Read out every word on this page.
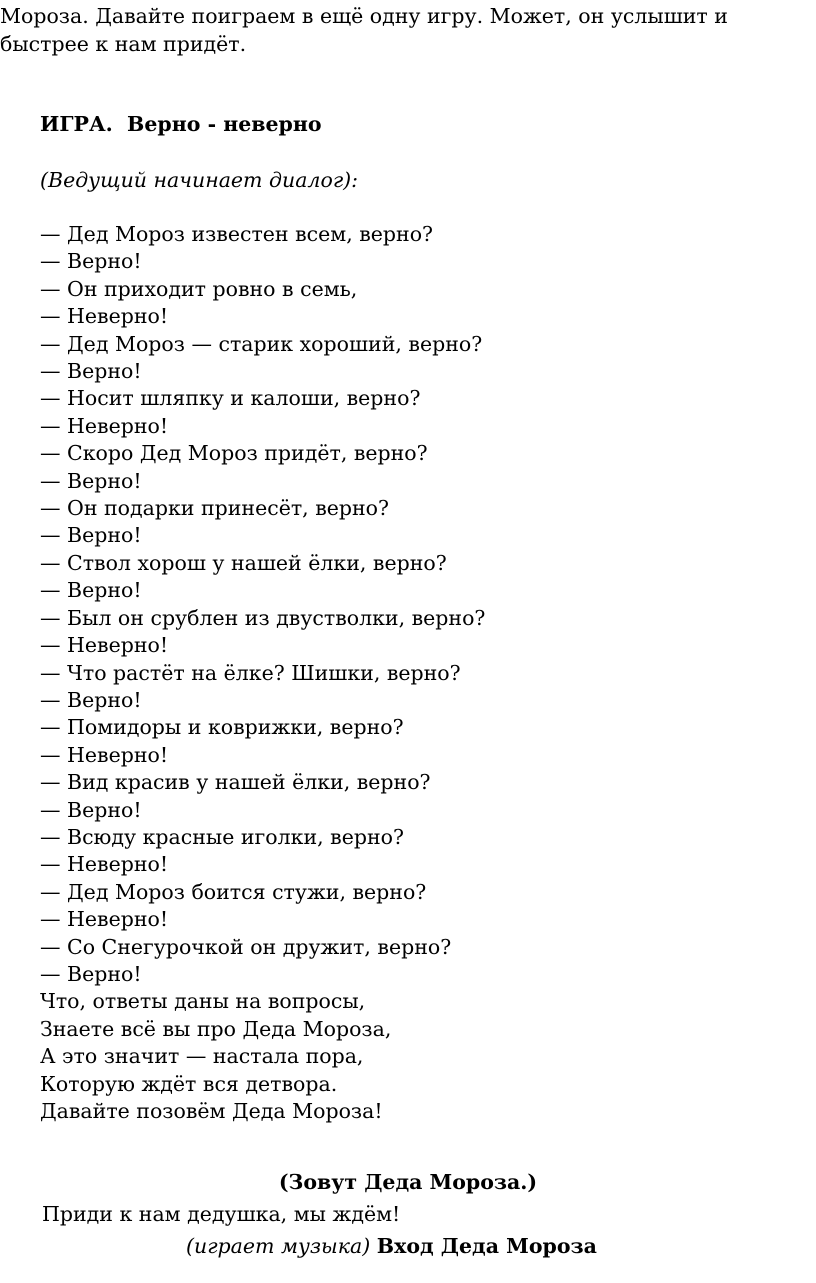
Мороза. Давайте поиграем в ещё одну игру. Может, он услышит и
быстрее к нам придёт.
ИГРА.  Верно - неверно
(Ведущий начинает диалог):
— Дед Мороз известен всем, верно?
— Верно!
— Он приходит ровно в семь,
— Неверно!
— Дед Мороз — старик хороший, верно?
— Верно!
— Носит шляпку и калоши, верно?
— Неверно!
— Скоро Дед Мороз придёт, верно?
— Верно!
— Он подарки принесёт, верно?
— Верно!
— Ствол хорош у нашей ёлки, верно?
— Верно!
— Был он срублен из двустволки, верно?
— Неверно!
— Что растёт на ёлке? Шишки, верно?
— Верно!
— Помидоры и коврижки, верно?
— Неверно!
— Вид красив у нашей ёлки, верно?
— Верно!
— Всюду красные иголки, верно?
— Неверно!
— Дед Мороз боится стужи, верно?
— Неверно!
— Со Снегурочкой он дружит, верно?
— Верно!
Что, ответы даны на вопросы,
Знаете всё вы про Деда Мороза,
А это значит — настала пора,
Которую ждёт вся детвора.
Давайте позовём Деда Мороза!
(Зовут Деда Мороза.)
Приди к нам дедушка, мы ждём!
(играет музыка) Вход Деда Мороза
